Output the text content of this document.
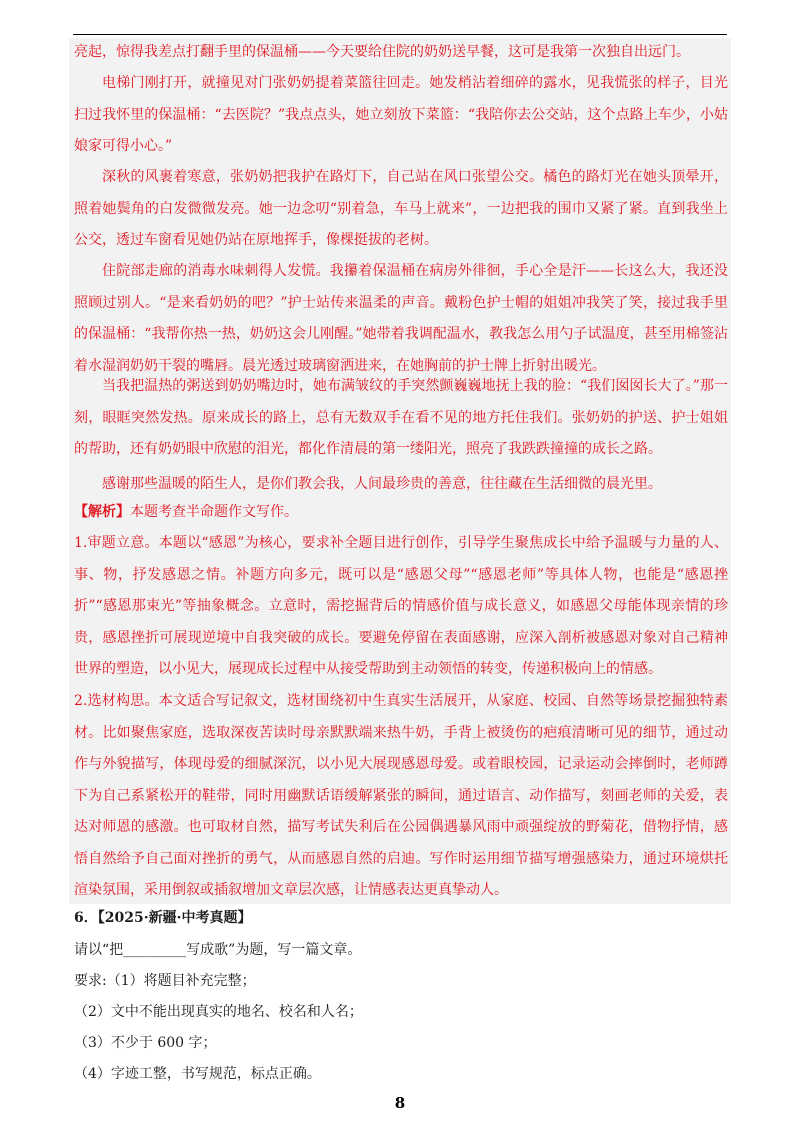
亮起，惊得我差点打翻手里的保温桶——今天要给住院的奶奶送早餐，这可是我第一次独自出远门。

电梯门刚打开，就撞见对门张奶奶提着菜篮往回走。她发梢沾着细碎的露水，见我慌张的样子，目光扫过我怀里的保温桶：“去医院？”我点点头，她立刻放下菜篮：“我陪你去公交站，这个点路上车少，小姑娘家可得小心。”

深秋的风裹着寒意，张奶奶把我护在路灯下，自己站在风口张望公交。橘色的路灯光在她头顶晕开，照着她鬓角的白发微微发亮。她一边念叨“别着急，车马上就来”，一边把我的围巾又紧了紧。直到我坐上公交，透过车窗看见她仍站在原地挥手，像棵挺拔的老树。

住院部走廊的消毒水味刺得人发慌。我攥着保温桶在病房外徘徊，手心全是汗——长这么大，我还没照顾过别人。“是来看奶奶的吧？”护士站传来温柔的声音。戴粉色护士帽的姐姐冲我笑了笑，接过我手里的保温桶：“我帮你热一热，奶奶这会儿刚醒。”她带着我调配温水，教我怎么用勺子试温度，甚至用棉签沾着水湿润奶奶干裂的嘴唇。晨光透过玻璃窗洒进来，在她胸前的护士牌上折射出暖光。

当我把温热的粥送到奶奶嘴边时，她布满皱纹的手突然颤巍巍地抚上我的脸：“我们囡囡长大了。”那一刻，眼眶突然发热。原来成长的路上，总有无数双手在看不见的地方托住我们。张奶奶的护送、护士姐姐的帮助，还有奶奶眼中欣慰的泪光，都化作清晨的第一缕阳光，照亮了我跌跌撞撞的成长之路。

感谢那些温暖的陌生人，是你们教会我，人间最珍贵的善意，往往藏在生活细微的晨光里。

【解析】本题考查半命题作文写作。

1.审题立意。本题以“感恩”为核心，要求补全题目进行创作，引导学生聚焦成长中给予温暖与力量的人、事、物，抒发感恩之情。补题方向多元，既可以是“感恩父母”“感恩老师”等具体人物，也能是“感恩挫折”“感恩那束光”等抽象概念。立意时，需挖掘背后的情感价值与成长意义，如感恩父母能体现亲情的珍贵，感恩挫折可展现逆境中自我突破的成长。要避免停留在表面感谢，应深入剖析被感恩对象对自己精神世界的塑造，以小见大，展现成长过程中从接受帮助到主动领悟的转变，传递积极向上的情感。

2.选材构思。本文适合写记叙文，选材围绕初中生真实生活展开，从家庭、校园、自然等场景挖掘独特素材。比如聚焦家庭，选取深夜苦读时母亲默默端来热牛奶，手背上被烫伤的疤痕清晰可见的细节，通过动作与外貌描写，体现母爱的细腻深沉，以小见大展现感恩母爱。或着眼校园，记录运动会摔倒时，老师蹲下为自己系紧松开的鞋带，同时用幽默话语缓解紧张的瞬间，通过语言、动作描写，刻画老师的关爱，表达对师恩的感激。也可取材自然，描写考试失利后在公园偶遇暴风雨中顽强绽放的野菊花，借物抒情，感悟自然给予自己面对挫折的勇气，从而感恩自然的启迪。写作时运用细节描写增强感染力，通过环境烘托渲染氛围，采用倒叙或插叙增加文章层次感，让情感表达更真挚动人。

6．【2025·新疆·中考真题】

请以“把_________写成歌”为题，写一篇文章。

要求:（1）将题目补充完整；

（2）文中不能出现真实的地名、校名和人名；

（3）不少于 600 字；

（4）字迹工整，书写规范，标点正确。

8
